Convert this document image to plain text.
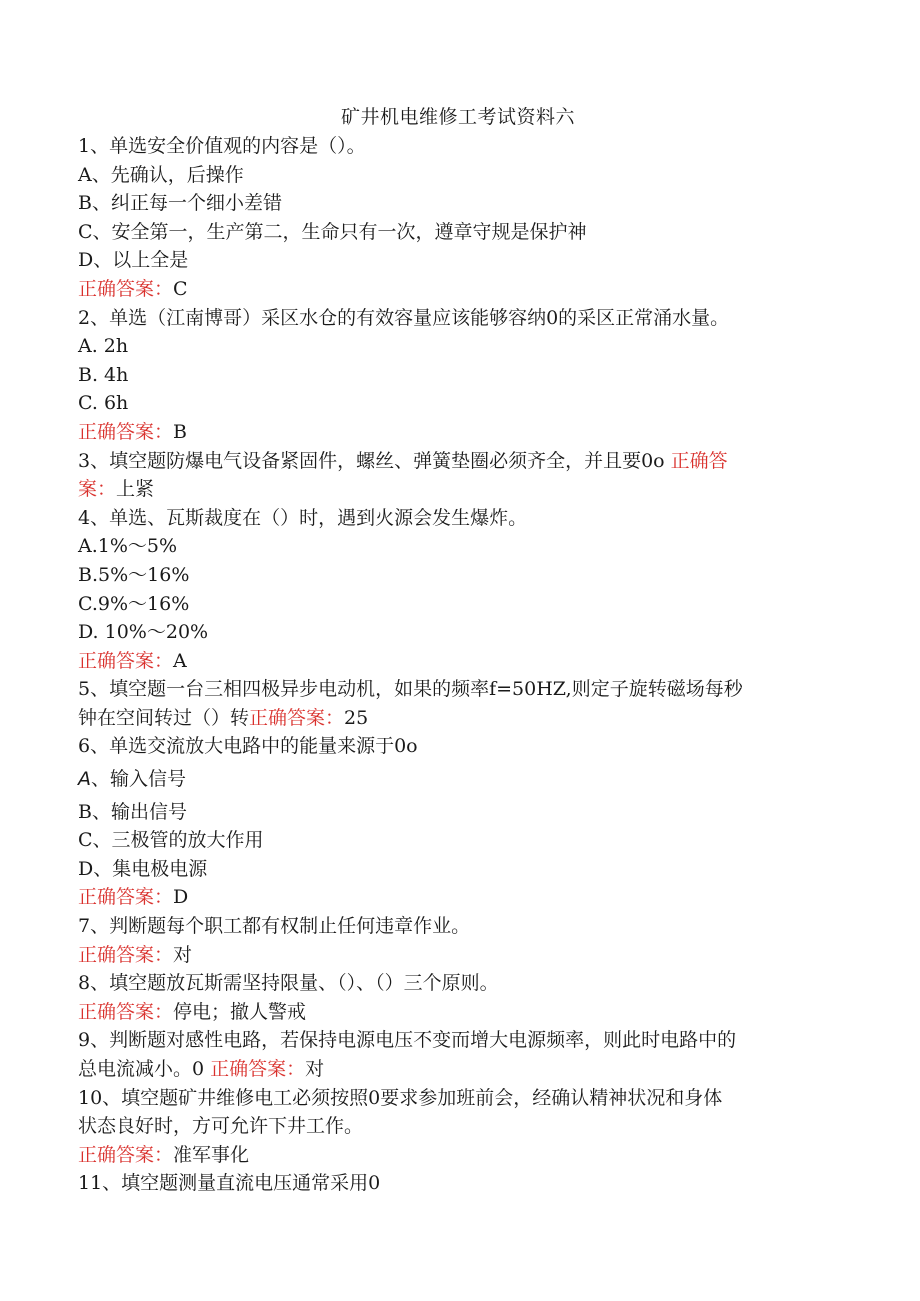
矿井机电维修工考试资料六
1、单选安全价值观的内容是（）。
A、先确认，后操作
B、纠正每一个细小差错
C、安全第一，生产第二，生命只有一次，遵章守规是保护神
D、以上全是
正确答案：C
2、单选（江南博哥）采区水仓的有效容量应该能够容纳0的采区正常涌水量。
A. 2h
B. 4h
C. 6h
正确答案：B
3、填空题防爆电气设备紧固件，螺丝、弹簧垫圈必须齐全，并且要0o 正确答
案：上紧
4、单选、瓦斯裁度在（）时，遇到火源会发生爆炸。
A.1%～5%
B.5%～16%
C.9%～16%
D. 10%～20%
正确答案：A
5、填空题一台三相四极异步电动机，如果的频率f=50HZ,则定子旋转磁场每秒
钟在空间转过（）转正确答案：25
6、单选交流放大电路中的能量来源于0o
A、输入信号
B、输出信号
C、三极管的放大作用
D、集电极电源
正确答案：D
7、判断题每个职工都有权制止任何违章作业。
正确答案：对
8、填空题放瓦斯需坚持限量、（）、（）三个原则。
正确答案：停电；撤人警戒
9、判断题对感性电路，若保持电源电压不变而增大电源频率，则此时电路中的
总电流减小。0 正确答案：对
10、填空题矿井维修电工必须按照0要求参加班前会，经确认精神状况和身体
状态良好时，方可允许下井工作。
正确答案：准军事化
11、填空题测量直流电压通常采用0
